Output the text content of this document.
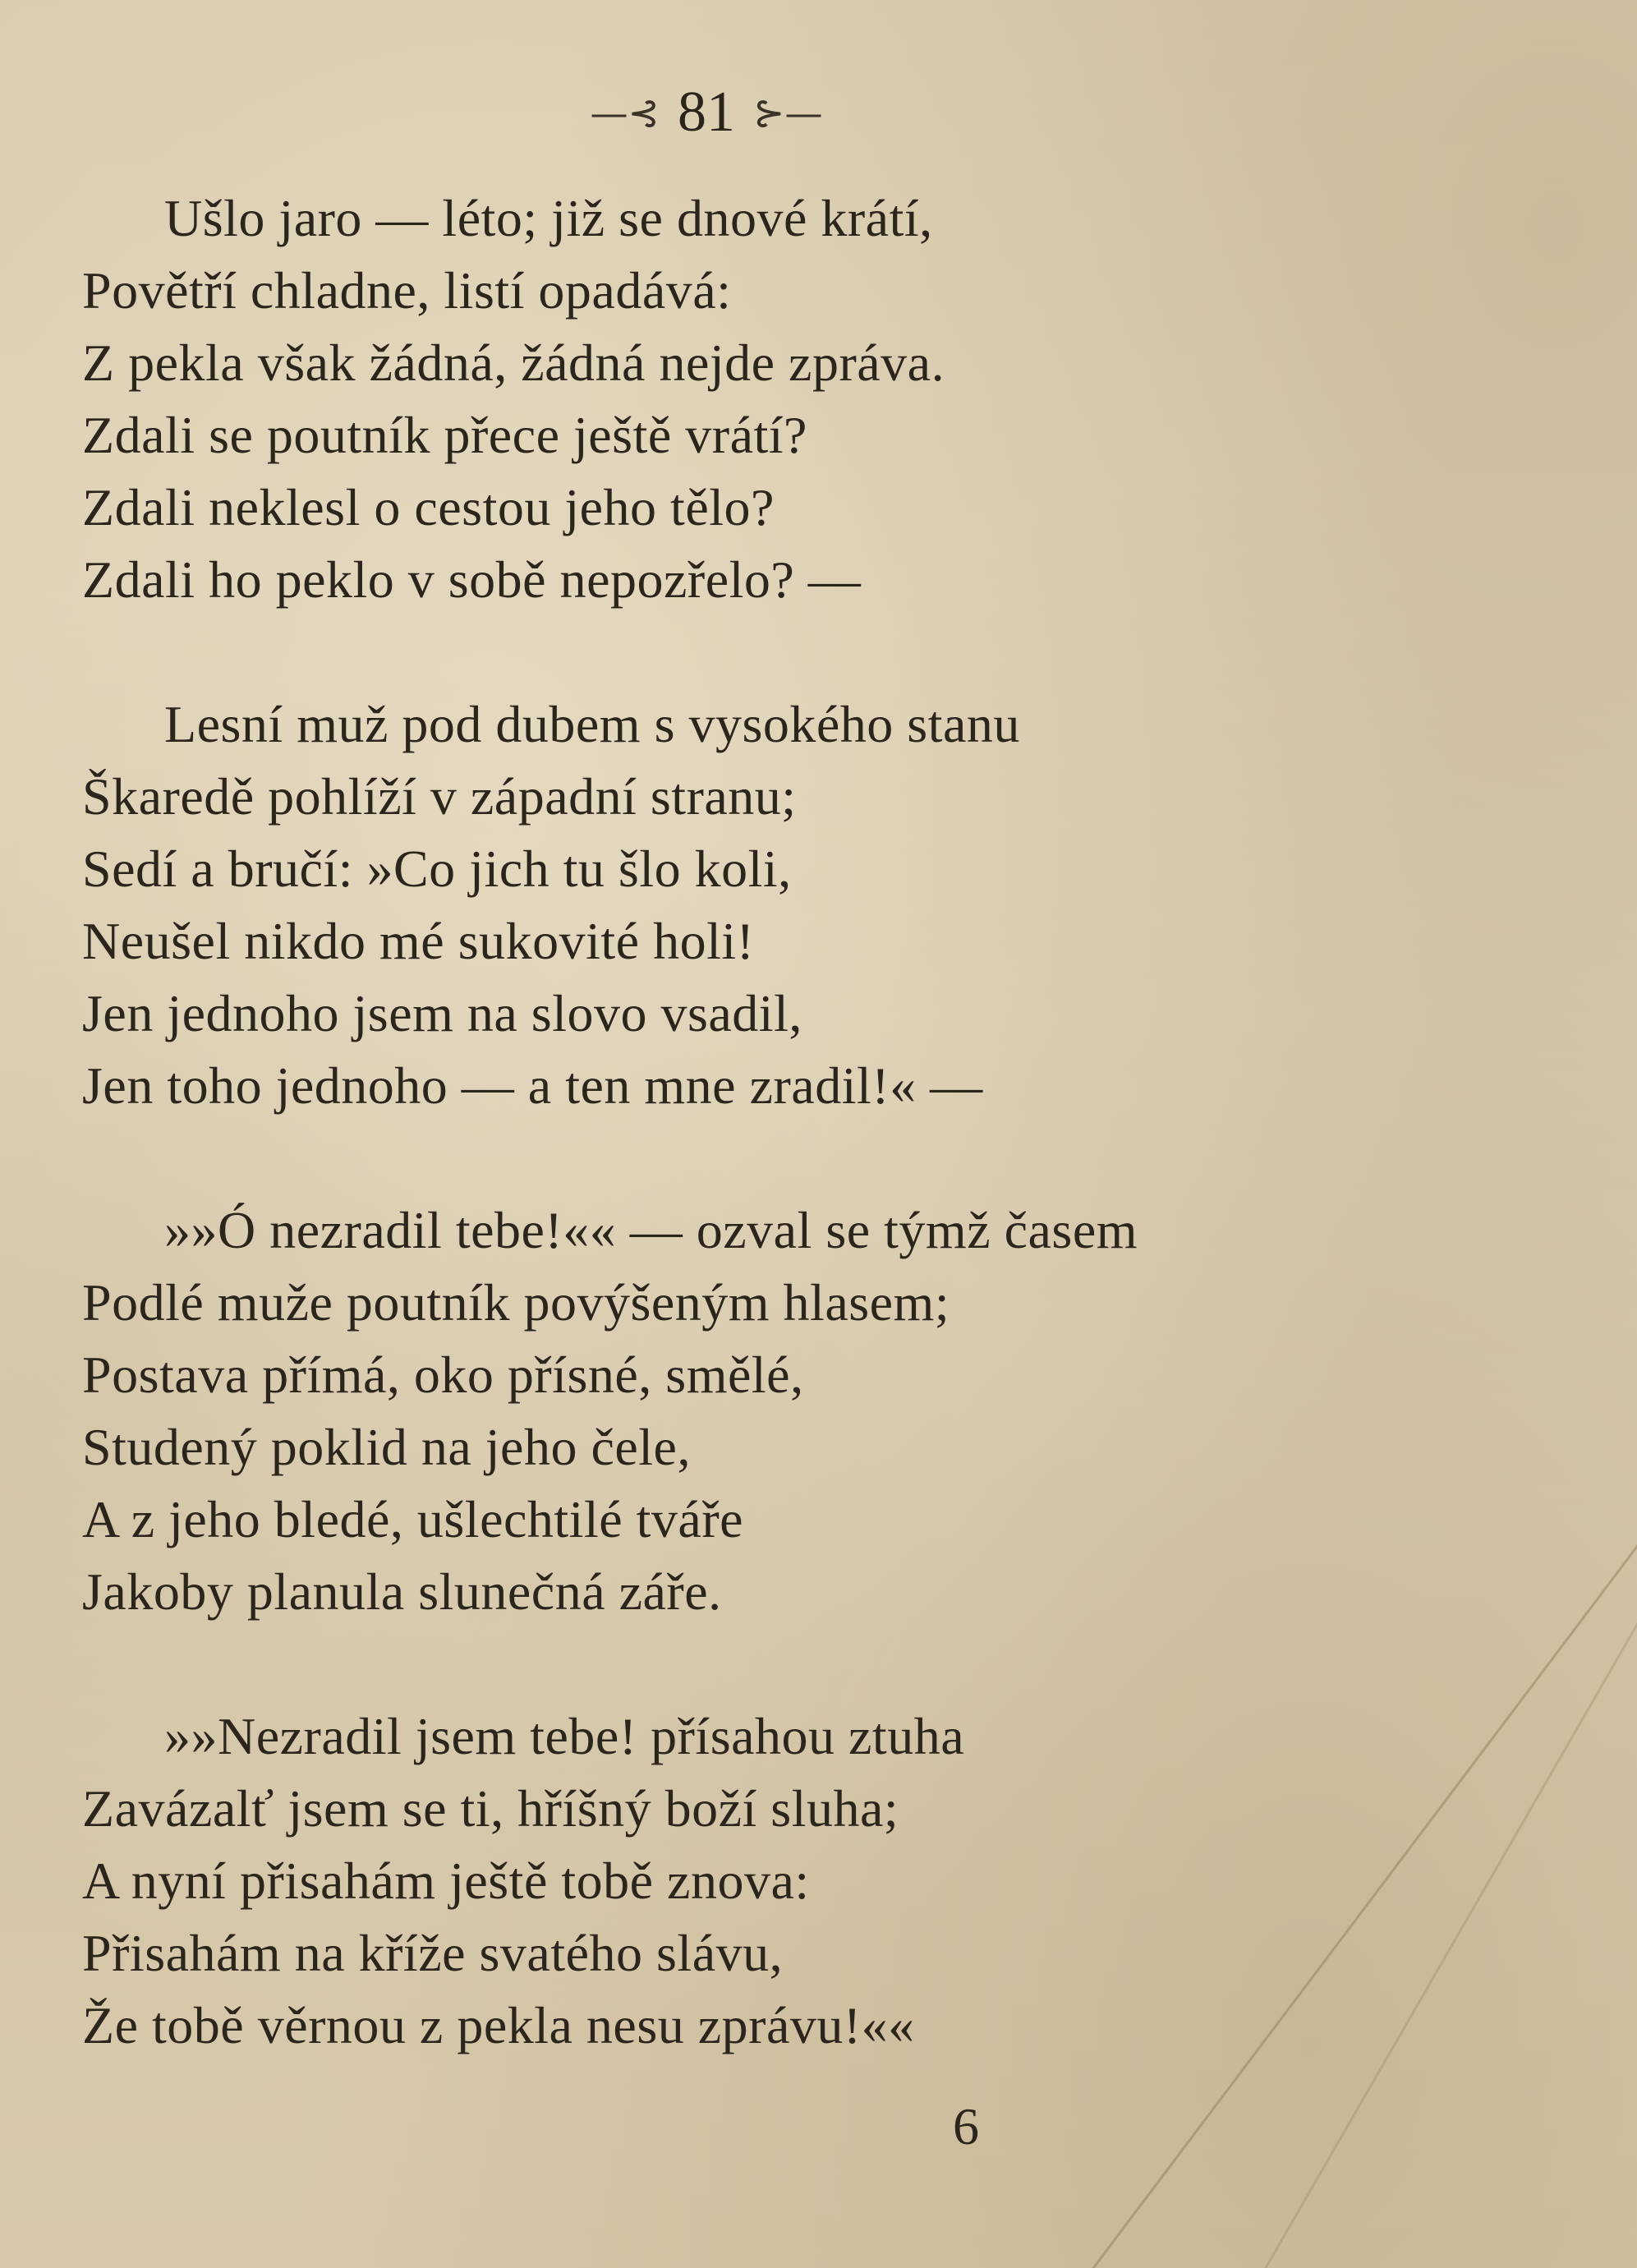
—⊰ 81 ⊱—
Ušlo jaro — léto; již se dnové krátí,
Povětří chladne, listí opadává:
Z pekla však žádná, žádná nejde zpráva.
Zdali se poutník přece ještě vrátí?
Zdali neklesl o cestou jeho tělo?
Zdali ho peklo v sobě nepozřelo? —
Lesní muž pod dubem s vysokého stanu
Škaredě pohlíží v západní stranu;
Sedí a bručí: »Co jich tu šlo koli,
Neušel nikdo mé sukovité holi!
Jen jednoho jsem na slovo vsadil,
Jen toho jednoho — a ten mne zradil!« —
»»Ó nezradil tebe!«« — ozval se týmž časem
Podlé muže poutník povýšeným hlasem;
Postava přímá, oko přísné, smělé,
Studený poklid na jeho čele,
A z jeho bledé, ušlechtilé tváře
Jakoby planula slunečná záře.
»»Nezradil jsem tebe! přísahou ztuha
Zavázalť jsem se ti, hříšný boží sluha;
A nyní přisahám ještě tobě znova:
Přisahám na kříže svatého slávu,
Že tobě věrnou z pekla nesu zprávu!««
6
